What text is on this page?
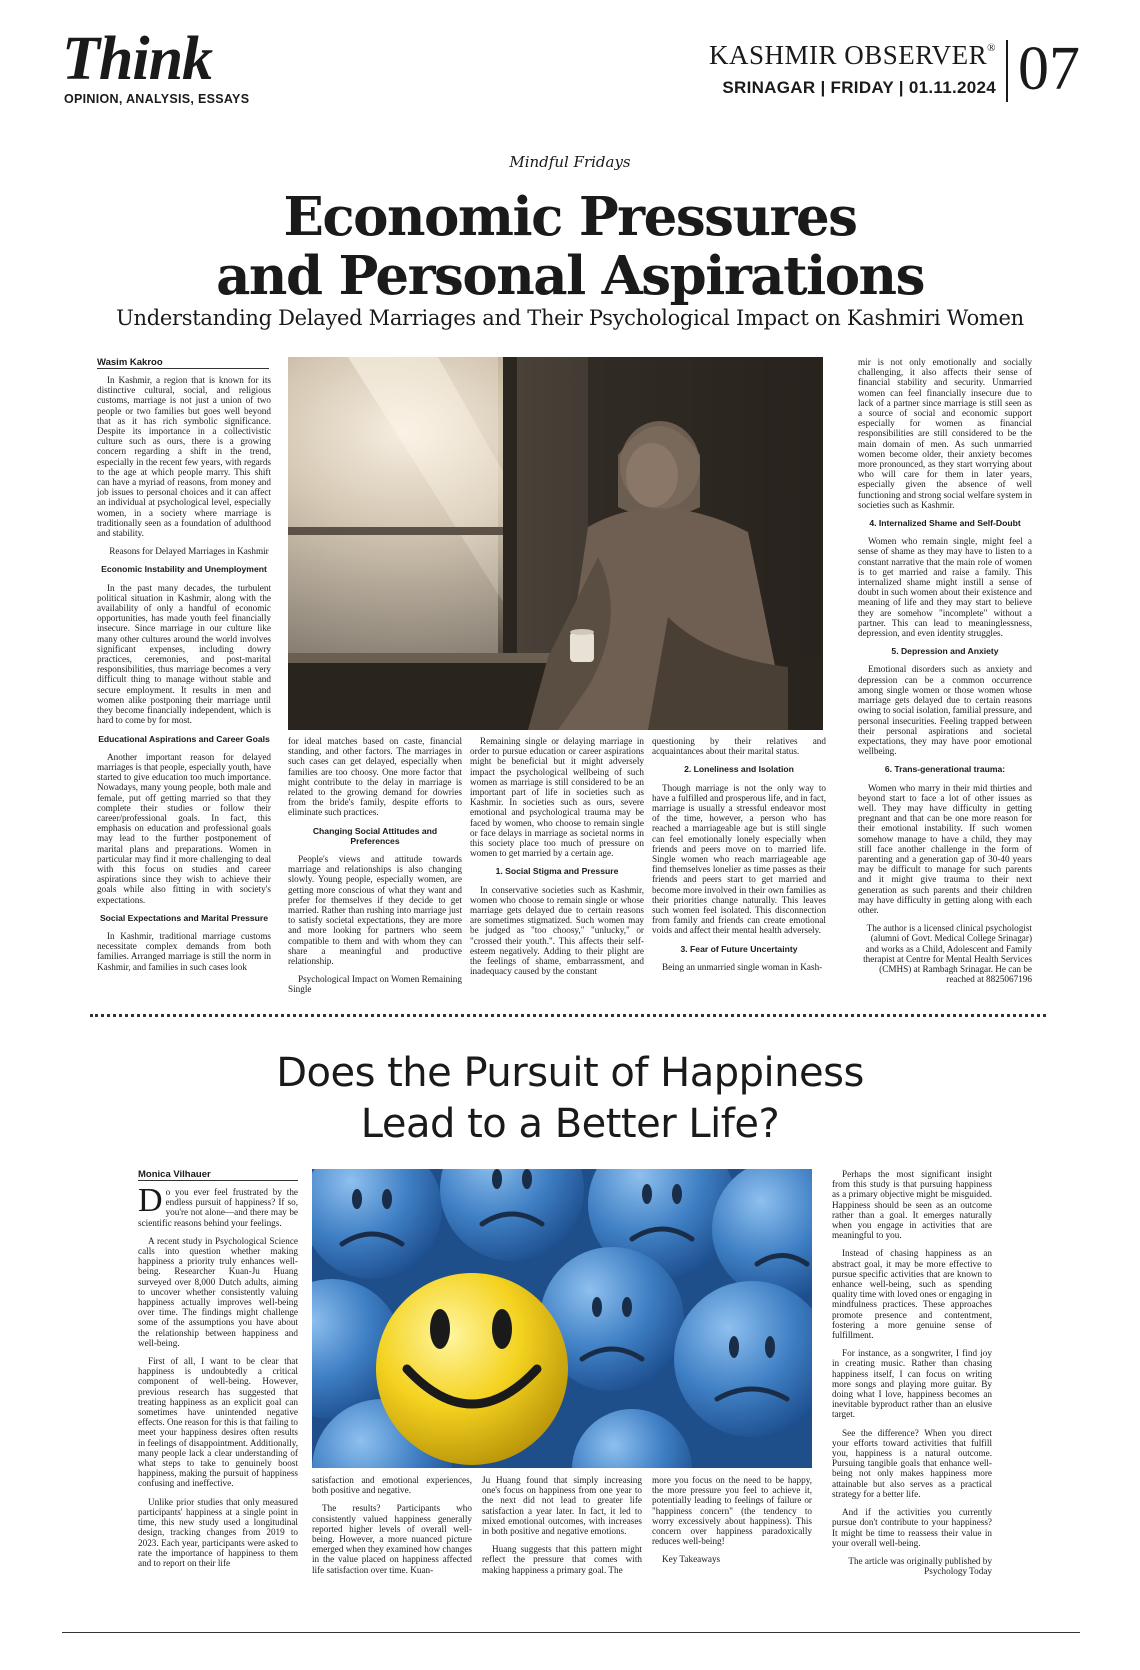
Think
OPINION, ANALYSIS, ESSAYS
KASHMIR OBSERVER®
SRINAGAR | FRIDAY | 01.11.2024 07
Mindful Fridays
Economic Pressures
and Personal Aspirations
Understanding Delayed Marriages and Their Psychological Impact on Kashmiri Women
Wasim Kakroo

In Kashmir, a region that is known for its distinctive cultural, social, and religious customs, marriage is not just a union of two people or two families but goes well beyond that as it has rich symbolic significance. Despite its importance in a collectivistic culture such as ours, there is a growing concern regarding a shift in the trend, especially in the recent few years, with regards to the age at which people marry. This shift can have a myriad of reasons, from money and job issues to personal choices and it can affect an individual at psychological level, especially women, in a society where marriage is traditionally seen as a foundation of adulthood and stability.

Reasons for Delayed Marriages in Kashmir

Economic Instability and Unemployment

In the past many decades, the turbulent political situation in Kashmir, along with the availability of only a handful of economic opportunities, has made youth feel financially insecure. Since marriage in our culture like many other cultures around the world involves significant expenses, including dowry practices, ceremonies, and post-marital responsibilities, thus marriage becomes a very difficult thing to manage without stable and secure employment. It results in men and women alike postponing their marriage until they become financially independent, which is hard to come by for most.

Educational Aspirations and Career Goals

Another important reason for delayed marriages is that people, especially youth, have started to give education too much importance. Nowadays, many young people, both male and female, put off getting married so that they complete their studies or follow their career/professional goals. In fact, this emphasis on education and professional goals may lead to the further postponement of marital plans and preparations. Women in particular may find it more challenging to deal with this focus on studies and career aspirations since they wish to achieve their goals while also fitting in with society's expectations.

Social Expectations and Marital Pressure

In Kashmir, traditional marriage customs necessitate complex demands from both families. Arranged marriage is still the norm in Kashmir, and families in such cases look

for ideal matches based on caste, financial standing, and other factors. The marriages in such cases can get delayed, especially when families are too choosy. One more factor that might contribute to the delay in marriage is related to the growing demand for dowries from the bride's family, despite efforts to eliminate such practices.

Changing Social Attitudes and Preferences

People's views and attitude towards marriage and relationships is also changing slowly. Young people, especially women, are getting more conscious of what they want and prefer for themselves if they decide to get married. Rather than rushing into marriage just to satisfy societal expectations, they are more and more looking for partners who seem compatible to them and with whom they can share a meaningful and productive relationship.

Psychological Impact on Women Remaining Single

Remaining single or delaying marriage in order to pursue education or career aspirations might be beneficial but it might adversely impact the psychological wellbeing of such women as marriage is still considered to be an important part of life in societies such as Kashmir. In societies such as ours, severe emotional and psychological trauma may be faced by women, who choose to remain single or face delays in marriage as societal norms in this society place too much of pressure on women to get married by a certain age.

1. Social Stigma and Pressure

In conservative societies such as Kashmir, women who choose to remain single or whose marriage gets delayed due to certain reasons are sometimes stigmatized. Such women may be judged as "too choosy," "unlucky," or "crossed their youth.". This affects their self-esteem negatively. Adding to their plight are the feelings of shame, embarrassment, and inadequacy caused by the constant

questioning by their relatives and acquaintances about their marital status.

2. Loneliness and Isolation

Though marriage is not the only way to have a fulfilled and prosperous life, and in fact, marriage is usually a stressful endeavor most of the time, however, a person who has reached a marriageable age but is still single can feel emotionally lonely especially when friends and peers move on to married life. Single women who reach marriageable age find themselves lonelier as time passes as their friends and peers start to get married and become more involved in their own families as their priorities change naturally. This leaves such women feel isolated. This disconnection from family and friends can create emotional voids and affect their mental health adversely.

3. Fear of Future Uncertainty

Being an unmarried single woman in Kash-

mir is not only emotionally and socially challenging, it also affects their sense of financial stability and security. Unmarried women can feel financially insecure due to lack of a partner since marriage is still seen as a source of social and economic support especially for women as financial responsibilities are still considered to be the main domain of men. As such unmarried women become older, their anxiety becomes more pronounced, as they start worrying about who will care for them in later years, especially given the absence of well functioning and strong social welfare system in societies such as Kashmir.

4. Internalized Shame and Self-Doubt

Women who remain single, might feel a sense of shame as they may have to listen to a constant narrative that the main role of women is to get married and raise a family. This internalized shame might instill a sense of doubt in such women about their existence and meaning of life and they may start to believe they are somehow "incomplete" without a partner. This can lead to meaninglessness, depression, and even identity struggles.

5. Depression and Anxiety

Emotional disorders such as anxiety and depression can be a common occurrence among single women or those women whose marriage gets delayed due to certain reasons owing to social isolation, familial pressure, and personal insecurities. Feeling trapped between their personal aspirations and societal expectations, they may have poor emotional wellbeing.

6. Trans-generational trauma:

Women who marry in their mid thirties and beyond start to face a lot of other issues as well. They may have difficulty in getting pregnant and that can be one more reason for their emotional instability. If such women somehow manage to have a child, they may still face another challenge in the form of parenting and a generation gap of 30-40 years may be difficult to manage for such parents and it might give trauma to their next generation as such parents and their children may have difficulty in getting along with each other.

The author is a licensed clinical psychologist (alumni of Govt. Medical College Srinagar) and works as a Child, Adolescent and Family therapist at Centre for Mental Health Services (CMHS) at Rambagh Srinagar. He can be reached at 8825067196

Does the Pursuit of Happiness
Lead to a Better Life?
Monica Vilhauer

Do you ever feel frustrated by the endless pursuit of happiness? If so, you're not alone—and there may be scientific reasons behind your feelings.

A recent study in Psychological Science calls into question whether making happiness a priority truly enhances well-being. Researcher Kuan-Ju Huang surveyed over 8,000 Dutch adults, aiming to uncover whether consistently valuing happiness actually improves well-being over time. The findings might challenge some of the assumptions you have about the relationship between happiness and well-being.

First of all, I want to be clear that happiness is undoubtedly a critical component of well-being. However, previous research has suggested that treating happiness as an explicit goal can sometimes have unintended negative effects. One reason for this is that failing to meet your happiness desires often results in feelings of disappointment. Additionally, many people lack a clear understanding of what steps to take to genuinely boost happiness, making the pursuit of happiness confusing and ineffective.

Unlike prior studies that only measured participants' happiness at a single point in time, this new study used a longitudinal design, tracking changes from 2019 to 2023. Each year, participants were asked to rate the importance of happiness to them and to report on their life

satisfaction and emotional experiences, both positive and negative.

The results? Participants who consistently valued happiness generally reported higher levels of overall well-being. However, a more nuanced picture emerged when they examined how changes in the value placed on happiness affected life satisfaction over time. Kuan-

Ju Huang found that simply increasing one's focus on happiness from one year to the next did not lead to greater life satisfaction a year later. In fact, it led to mixed emotional outcomes, with increases in both positive and negative emotions.

Huang suggests that this pattern might reflect the pressure that comes with making happiness a primary goal. The

more you focus on the need to be happy, the more pressure you feel to achieve it, potentially leading to feelings of failure or "happiness concern" (the tendency to worry excessively about happiness). This concern over happiness paradoxically reduces well-being!

Key Takeaways

Perhaps the most significant insight from this study is that pursuing happiness as a primary objective might be misguided. Happiness should be seen as an outcome rather than a goal. It emerges naturally when you engage in activities that are meaningful to you.

Instead of chasing happiness as an abstract goal, it may be more effective to pursue specific activities that are known to enhance well-being, such as spending quality time with loved ones or engaging in mindfulness practices. These approaches promote presence and contentment, fostering a more genuine sense of fulfillment.

For instance, as a songwriter, I find joy in creating music. Rather than chasing happiness itself, I can focus on writing more songs and playing more guitar. By doing what I love, happiness becomes an inevitable byproduct rather than an elusive target.

See the difference? When you direct your efforts toward activities that fulfill you, happiness is a natural outcome. Pursuing tangible goals that enhance well-being not only makes happiness more attainable but also serves as a practical strategy for a better life.

And if the activities you currently pursue don't contribute to your happiness? It might be time to reassess their value in your overall well-being.

The article was originally published by Psychology Today
